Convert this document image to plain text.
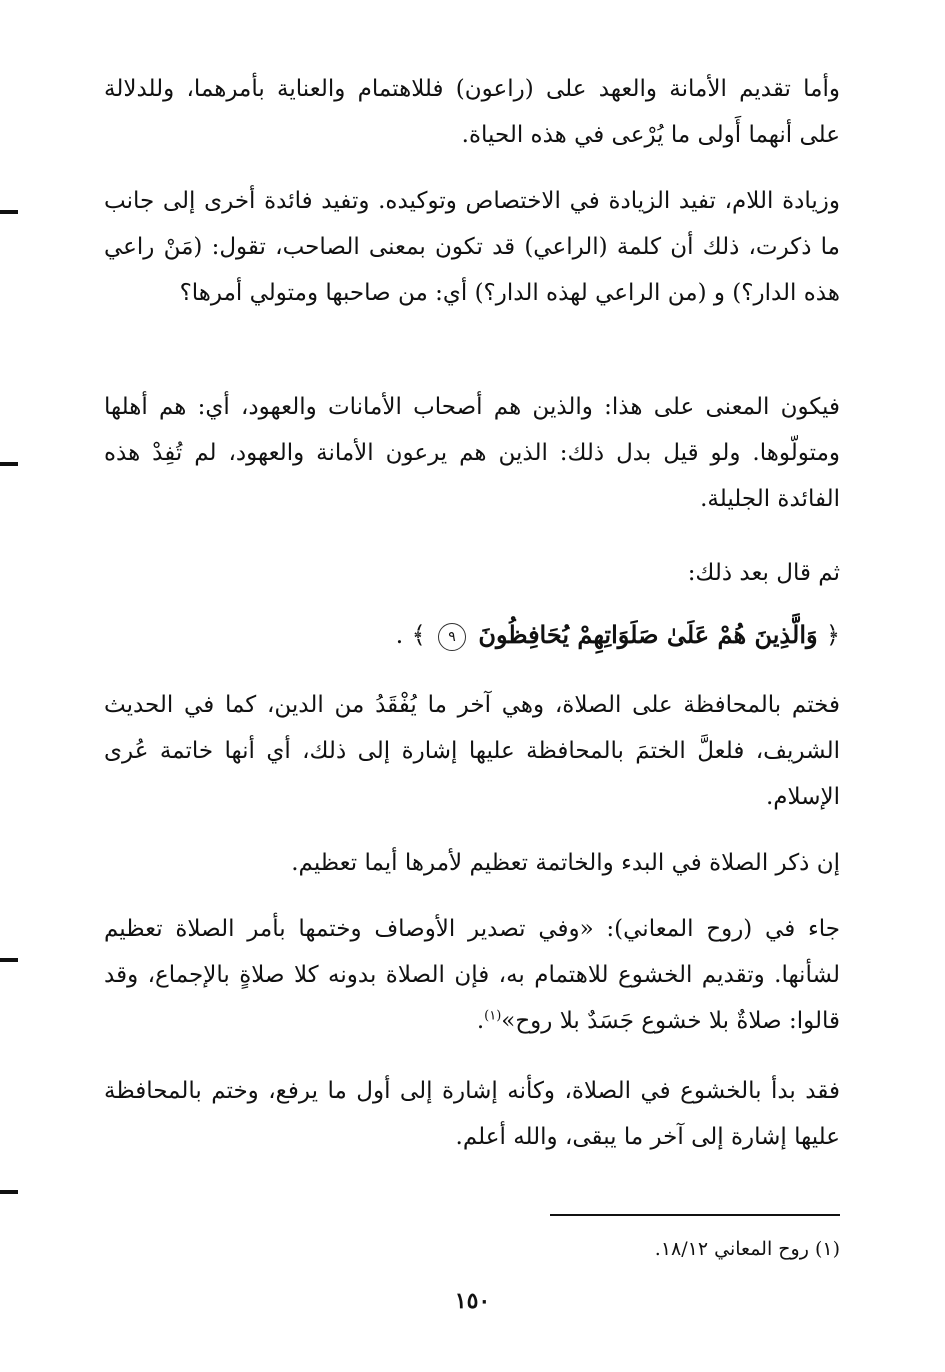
وأما تقديم الأمانة والعهد على (راعون) فللاهتمام والعناية بأمرهما، وللدلالة على أنهما أَولى ما يُرْعى في هذه الحياة.

وزيادة اللام، تفيد الزيادة في الاختصاص وتوكيده. وتفيد فائدة أخرى إلى جانب ما ذكرت، ذلك أن كلمة (الراعي) قد تكون بمعنى الصاحب، تقول: (مَنْ راعي هذه الدار؟) و (من الراعي لهذه الدار؟) أي: من صاحبها ومتولي أمرها؟

فيكون المعنى على هذا: والذين هم أصحاب الأمانات والعهود، أي: هم أهلها ومتولّوها. ولو قيل بدل ذلك: الذين هم يرعون الأمانة والعهود، لم تُفِدْ هذه الفائدة الجليلة.

ثم قال بعد ذلك:

﴿ وَالَّذِينَ هُمْ عَلَىٰ صَلَوَاتِهِمْ يُحَافِظُونَ ٩ ﴾ .

فختم بالمحافظة على الصلاة، وهي آخر ما يُفْقَدُ من الدين، كما في الحديث الشريف، فلعلَّ الختمَ بالمحافظة عليها إشارة إلى ذلك، أي أنها خاتمة عُرى الإسلام.

إن ذكر الصلاة في البدء والخاتمة تعظيم لأمرها أيما تعظيم.

جاء في (روح المعاني): «وفي تصدير الأوصاف وختمها بأمر الصلاة تعظيم لشأنها. وتقديم الخشوع للاهتمام به، فإن الصلاة بدونه كلا صلاةٍ بالإجماع، وقد قالوا: صلاةٌ بلا خشوع جَسَدٌ بلا روح»$^{(١)}$.

فقد بدأ بالخشوع في الصلاة، وكأنه إشارة إلى أول ما يرفع، وختم بالمحافظة عليها إشارة إلى آخر ما يبقى، والله أعلم.

(١) روح المعاني ١٨/١٢.
١٥٠
